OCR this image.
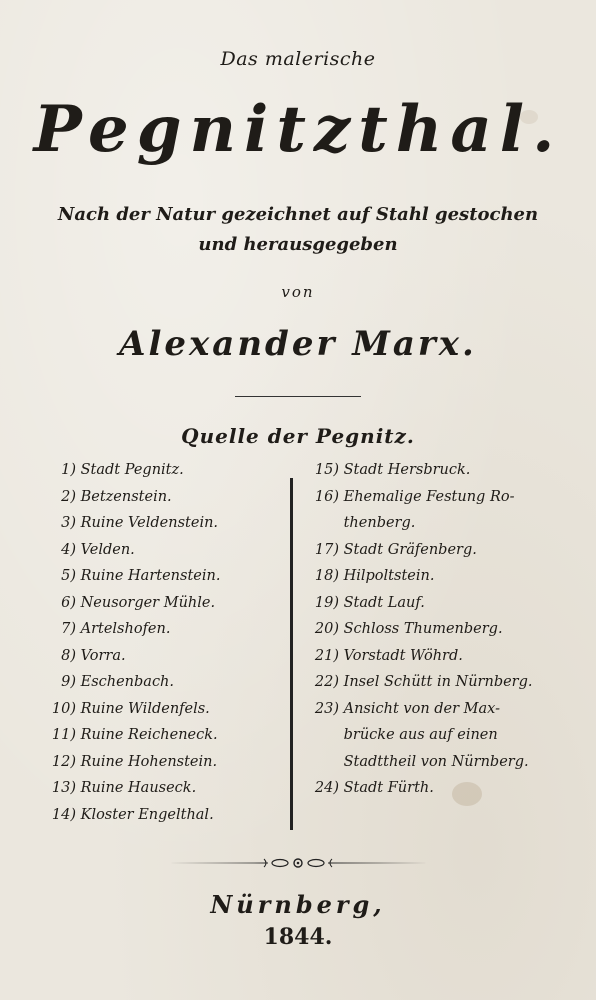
Das malerische
Pegnitzthal.
Nach der Natur gezeichnet auf Stahl gestochen
und herausgegeben
von
Alexander Marx.
Quelle der Pegnitz.
1) Stadt Pegnitz.
2) Betzenstein.
3) Ruine Veldenstein.
4) Velden.
5) Ruine Hartenstein.
6) Neusorger Mühle.
7) Artelshofen.
8) Vorra.
9) Eschenbach.
10) Ruine Wildenfels.
11) Ruine Reicheneck.
12) Ruine Hohenstein.
13) Ruine Hauseck.
14) Kloster Engelthal.
15) Stadt Hersbruck.
16) Ehemalige Festung Ro-
thenberg.
17) Stadt Gräfenberg.
18) Hilpoltstein.
19) Stadt Lauf.
20) Schloss Thumenberg.
21) Vorstadt Wöhrd.
22) Insel Schütt in Nürnberg.
23) Ansicht von der Max-
brücke aus auf einen
Stadttheil von Nürnberg.
24) Stadt Fürth.
Nürnberg,
1844.
